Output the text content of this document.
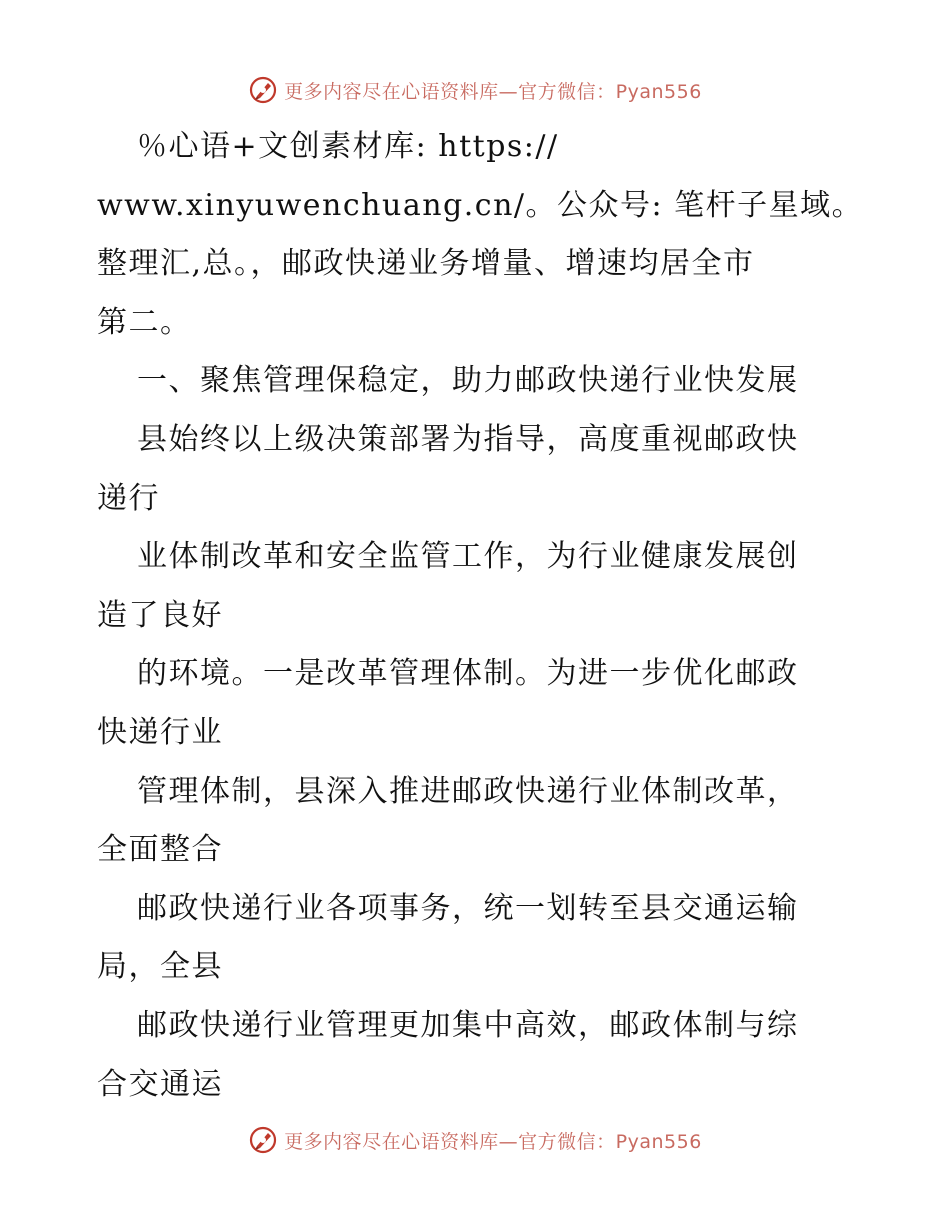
更多内容尽在心语资料库—官方微信：Pyan556
％心语+文创素材库: https://
www.xinyuwenchuang.cn/。公众号: 笔杆子星域。
整理汇,总。，邮政快递业务增量、增速均居全市
第二。
一、聚焦管理保稳定，助力邮政快递行业快发展
县始终以上级决策部署为指导，高度重视邮政快
递行
业体制改革和安全监管工作，为行业健康发展创
造了良好
的环境。一是改革管理体制。为进一步优化邮政
快递行业
管理体制，县深入推进邮政快递行业体制改革，
全面整合
邮政快递行业各项事务，统一划转至县交通运输
局，全县
邮政快递行业管理更加集中高效，邮政体制与综
合交通运
更多内容尽在心语资料库—官方微信：Pyan556
